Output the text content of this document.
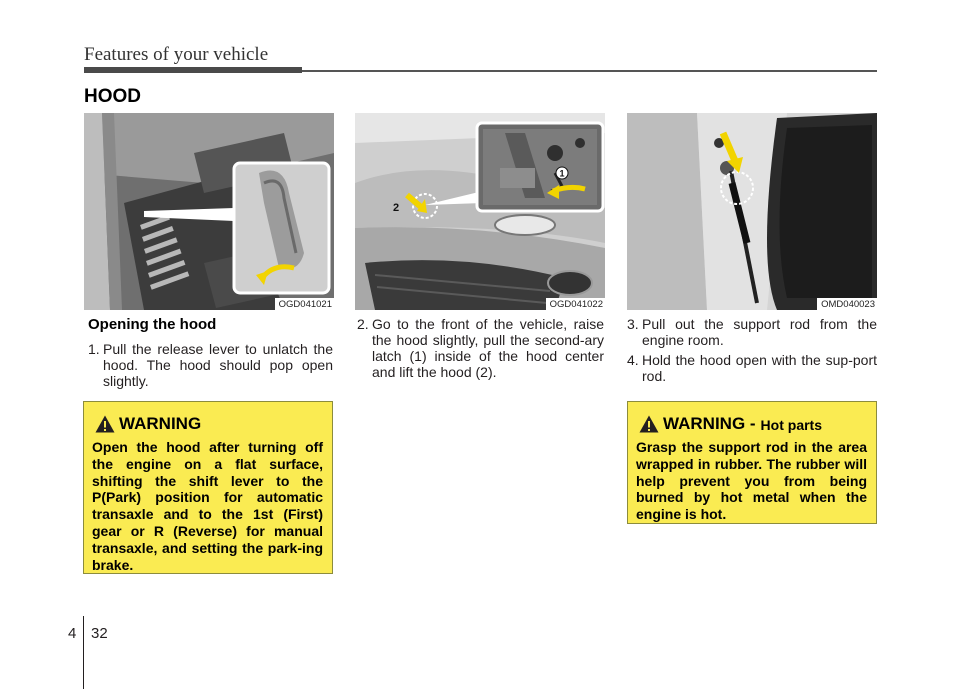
Features of your vehicle
HOOD
OGD041021
2
1
OGD041022	OMD040023
Opening the hood
1. Pull the release lever to unlatch the hood. The hood should pop open slightly.
2. Go to the front of the vehicle, raise the hood slightly, pull the second-ary latch (1) inside of the hood center and lift the hood (2).
3. Pull out the support rod from the engine room.
4. Hold the hood open with the sup-port rod.
WARNING
Open the hood after turning off the engine on a flat surface, shifting the shift lever to the P(Park) position for automatic transaxle and to the 1st (First) gear or R (Reverse) for manual transaxle, and setting the park-ing brake.
WARNING - Hot parts
Grasp the support rod in the area wrapped in rubber. The rubber will help prevent you from being burned by hot metal when the engine is hot.
4 32
